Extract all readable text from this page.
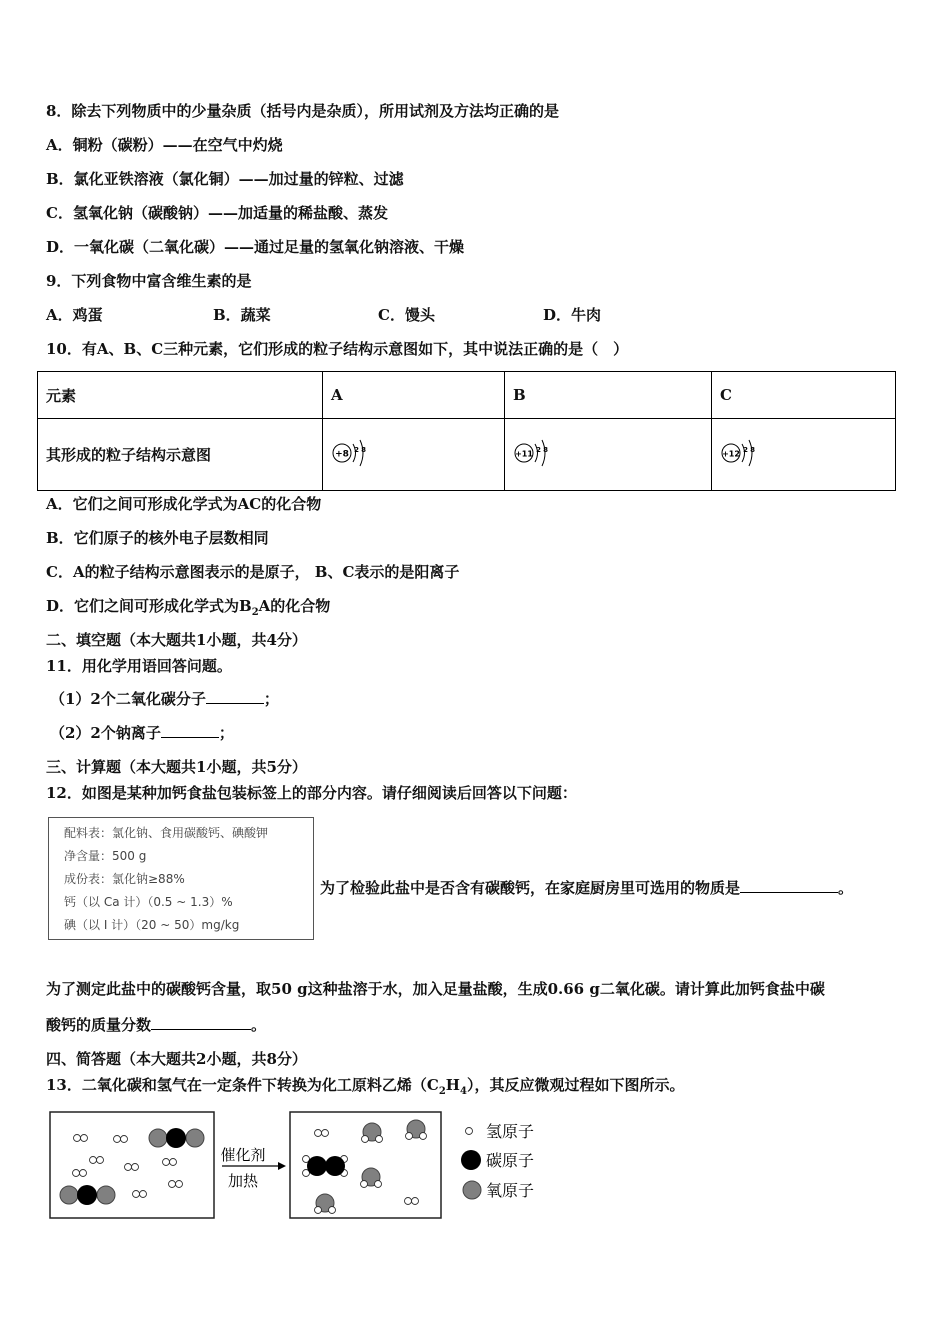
8．除去下列物质中的少量杂质（括号内是杂质），所用试剂及方法均正确的是
A．铜粉（碳粉）——在空气中灼烧
B．氯化亚铁溶液（氯化铜）——加过量的锌粒、过滤
C．氢氧化钠（碳酸钠）——加适量的稀盐酸、蒸发
D．一氧化碳（二氧化碳）——通过足量的氢氧化钠溶液、干燥
9．下列食物中富含维生素的是
A．鸡蛋	B．蔬菜	C．馒头	D．牛肉
10．有A、B、C三种元素，它们形成的粒子结构示意图如下，其中说法正确的是（　）
元素	A	B	C
其形成的粒子结构示意图	+8 2 8	+11 2 8	+12 2 8
A．它们之间可形成化学式为AC的化合物
B．它们原子的核外电子层数相同
C．A的粒子结构示意图表示的是原子， B、C表示的是阳离子
D．它们之间可形成化学式为$B_2A$的化合物
二、填空题（本大题共1小题，共4分）
11．用化学用语回答问题。
（1）2个二氧化碳分子	；
（2）2个钠离子	；
三、计算题（本大题共1小题，共5分）
12．如图是某种加钙食盐包装标签上的部分内容。请仔细阅读后回答以下问题：
配料表：氯化钠、食用碳酸钙、碘酸钾
净含量：500 g
成份表：氯化钠≥88%
钙（以 Ca 计）（0.5 ~ 1.3）%
碘（以 I 计）（20 ~ 50）mg/kg
为了检验此盐中是否含有碳酸钙，在家庭厨房里可选用的物质是	。
为了测定此盐中的碳酸钙含量，取50 g这种盐溶于水，加入足量盐酸，生成0.66 g二氧化碳。请计算此加钙食盐中碳
酸钙的质量分数	。
四、简答题（本大题共2小题，共8分）
13．二氧化碳和氢气在一定条件下转换为化工原料乙烯$(C_2H_4)$，其反应微观过程如下图所示。
催化剂
加热
氢原子
碳原子
氧原子
